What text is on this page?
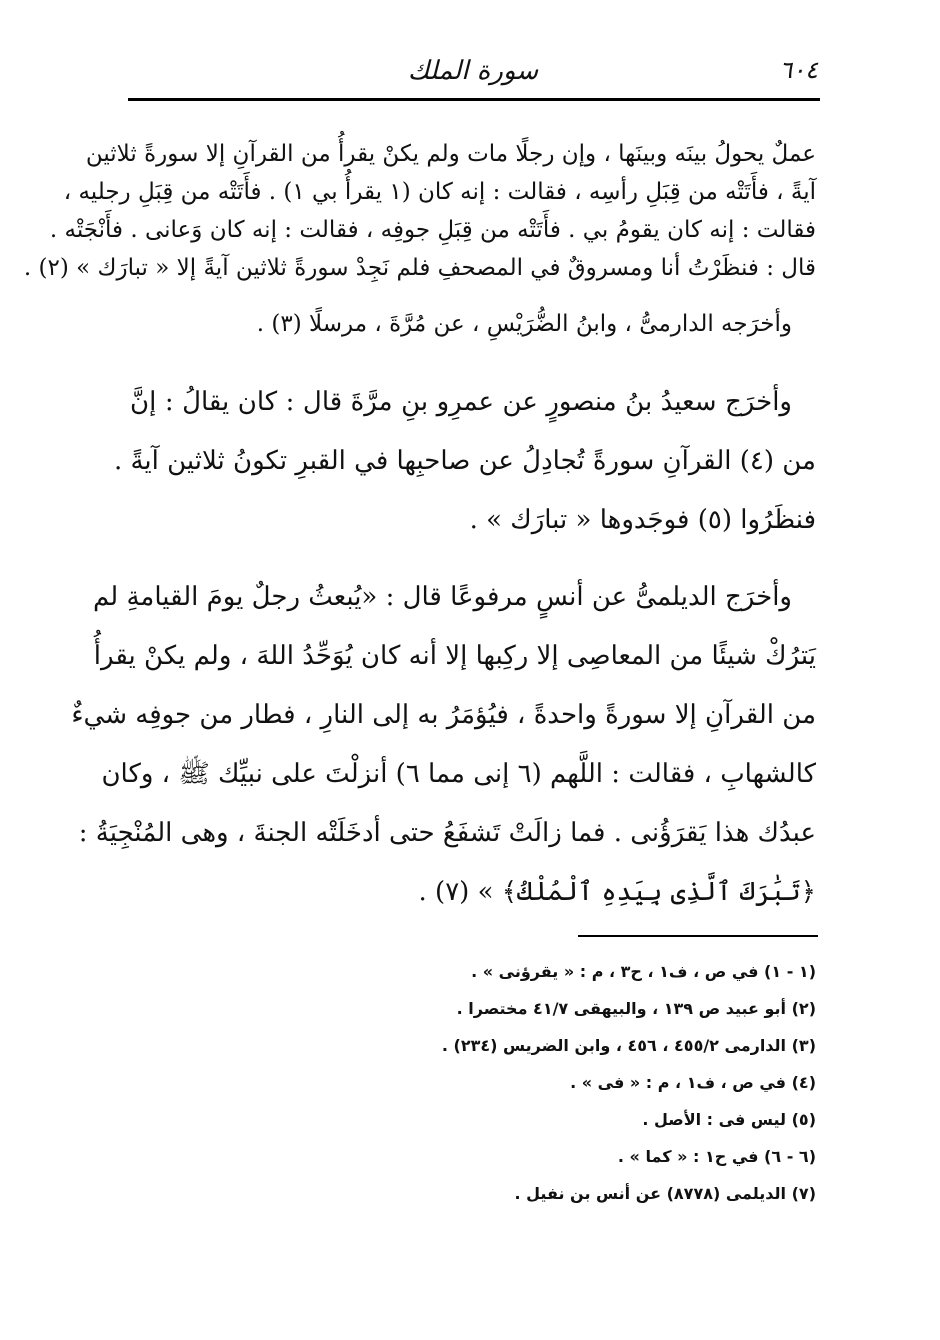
سورة الملك	٦٠٤
عملٌ يحولُ بينَه وبينَها ، وإن رجلًا مات ولم يكنْ يقرأُ من القرآنِ إلا سورةً ثلاثين
آيةً ، فأَتَتْه من قِبَلِ رأسِه ، فقالت : إنه كان (١ يقرأُ بي ١) . فأَتَتْه من قِبَلِ رجليه ،
فقالت : إنه كان يقومُ بي . فأَتَتْه من قِبَلِ جوفِه ، فقالت : إنه كان وَعانى . فأَنْجَتْه .
قال : فنظَرْتُ أنا ومسروقٌ في المصحفِ فلم نَجِدْ سورةً ثلاثين آيةً إلا « تبارَك » (٢) .
وأخرَجه الدارمىُّ ، وابنُ الضُّرَيْسِ ، عن مُرَّةَ ، مرسلًا (٣) .
وأخرَج سعيدُ بنُ منصورٍ عن عمرِو بنِ مرَّةَ قال : كان يقالُ : إنَّ
من (٤) القرآنِ سورةً تُجادِلُ عن صاحبِها في القبرِ تكونُ ثلاثين آيةً .
فنظَرُوا (٥) فوجَدوها « تبارَك » .
وأخرَج الديلمىُّ عن أنسٍ مرفوعًا قال : «يُبعثُ رجلٌ يومَ القيامةِ لم
يَترُكْ شيئًا من المعاصِى إلا ركِبها إلا أنه كان يُوَحِّدُ اللهَ ، ولم يكنْ يقرأُ
من القرآنِ إلا سورةً واحدةً ، فيُؤمَرُ به إلى النارِ ، فطار من جوفِه شيءٌ
كالشهابِ ، فقالت : اللَّهم (٦ إنى مما ٦) أنزلْتَ على نبيِّك ﷺ ، وكان
عبدُك هذا يَقرَؤُنى . فما زالَتْ تَشفَعُ حتى أدخَلَتْه الجنةَ ، وهى المُنْجِيَةُ :
﴿تَبَٰرَكَ ٱلَّذِى بِيَدِهِ ٱلْمُلْكُ﴾ » (٧) .
(١ - ١) في ص ، ف١ ، ح٣ ، م : « يقرؤنى » .
(٢) أبو عبيد ص ١٣٩ ، والبيهقى ٤١/٧ مختصرا .
(٣) الدارمى ٤٥٥/٢ ، ٤٥٦ ، وابن الضريس (٢٣٤) .
(٤) في ص ، ف١ ، م : « فى » .
(٥) ليس فى : الأصل .
(٦ - ٦) في ح١ : « كما » .
(٧) الديلمى (٨٧٧٨) عن أنس بن نفيل .
